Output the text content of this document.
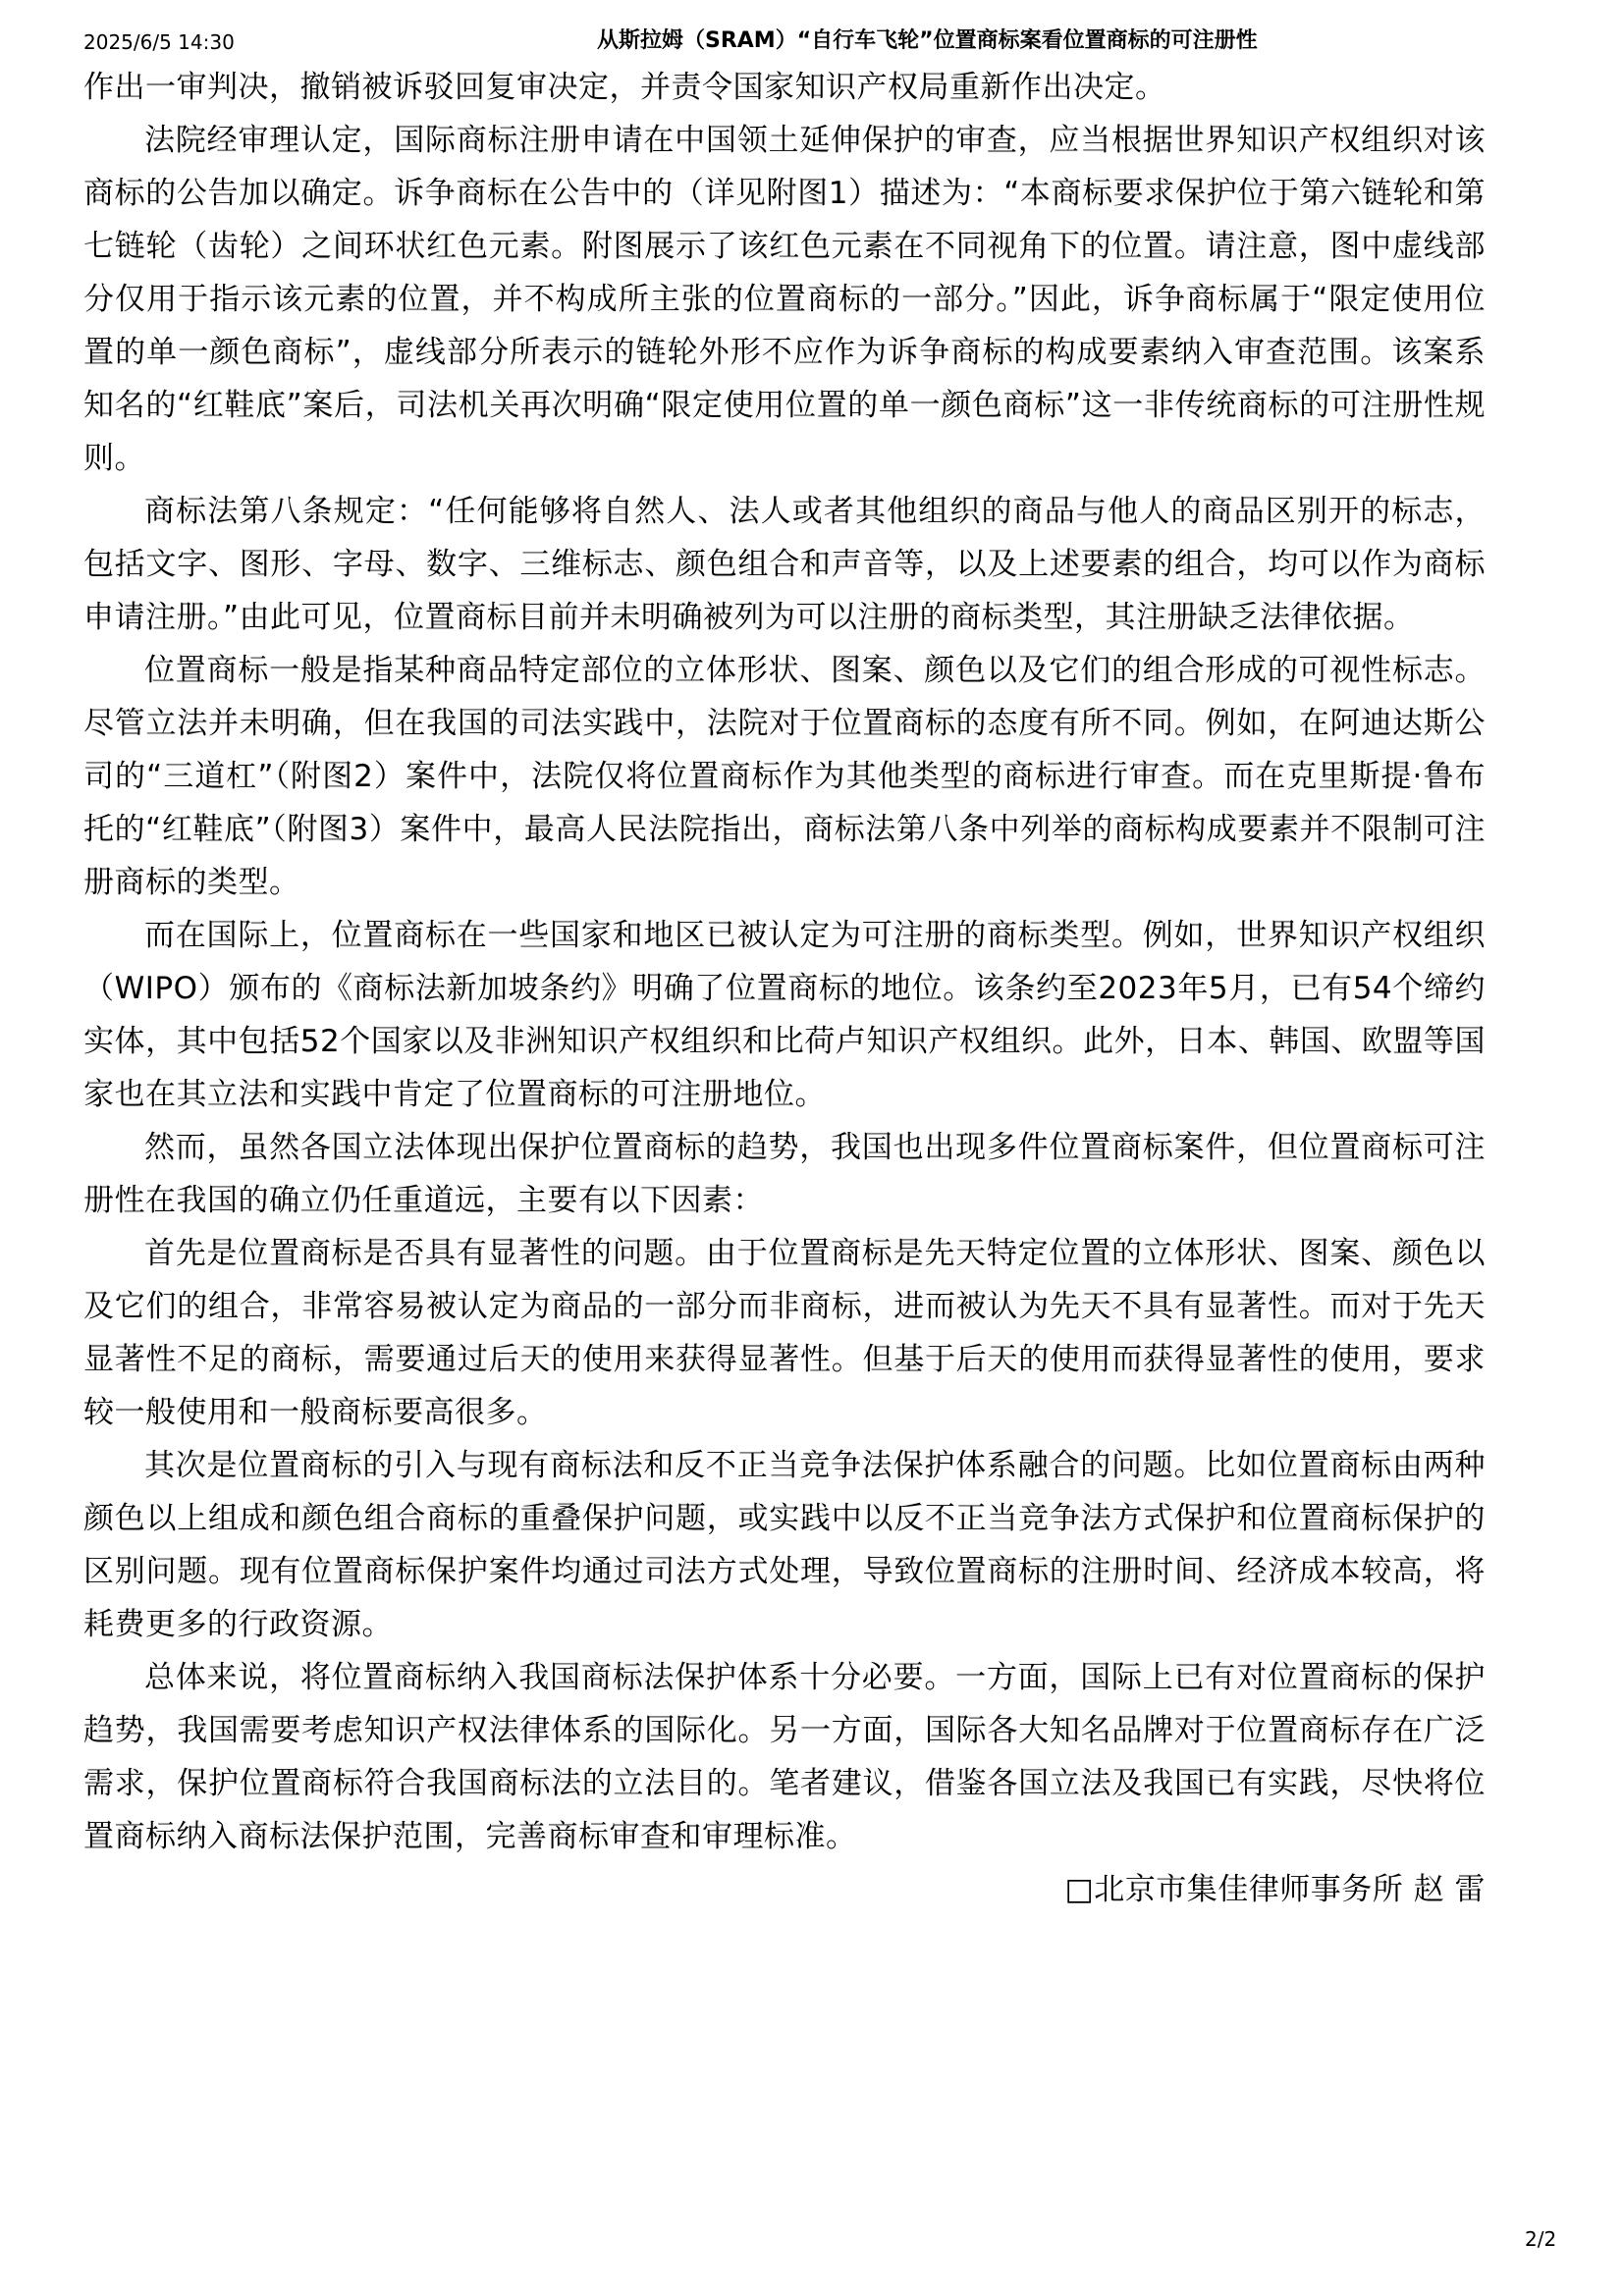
2025/6/5 14:30	从斯拉姆（SRAM）“自行车飞轮”位置商标案看位置商标的可注册性

作出一审判决，撤销被诉驳回复审决定，并责令国家知识产权局重新作出决定。

法院经审理认定，国际商标注册申请在中国领土延伸保护的审查，应当根据世界知识产权组织对该商标的公告加以确定。诉争商标在公告中的（详见附图1）描述为：“本商标要求保护位于第六链轮和第七链轮（齿轮）之间环状红色元素。附图展示了该红色元素在不同视角下的位置。请注意，图中虚线部分仅用于指示该元素的位置，并不构成所主张的位置商标的一部分。”因此，诉争商标属于“限定使用位置的单一颜色商标”，虚线部分所表示的链轮外形不应作为诉争商标的构成要素纳入审查范围。该案系知名的“红鞋底”案后，司法机关再次明确“限定使用位置的单一颜色商标”这一非传统商标的可注册性规则。

商标法第八条规定：“任何能够将自然人、法人或者其他组织的商品与他人的商品区别开的标志，包括文字、图形、字母、数字、三维标志、颜色组合和声音等，以及上述要素的组合，均可以作为商标申请注册。”由此可见，位置商标目前并未明确被列为可以注册的商标类型，其注册缺乏法律依据。

位置商标一般是指某种商品特定部位的立体形状、图案、颜色以及它们的组合形成的可视性标志。尽管立法并未明确，但在我国的司法实践中，法院对于位置商标的态度有所不同。例如，在阿迪达斯公司的“三道杠”（附图2）案件中，法院仅将位置商标作为其他类型的商标进行审查。而在克里斯提·鲁布托的“红鞋底”（附图3）案件中，最高人民法院指出，商标法第八条中列举的商标构成要素并不限制可注册商标的类型。

而在国际上，位置商标在一些国家和地区已被认定为可注册的商标类型。例如，世界知识产权组织（WIPO）颁布的《商标法新加坡条约》明确了位置商标的地位。该条约至2023年5月，已有54个缔约实体，其中包括52个国家以及非洲知识产权组织和比荷卢知识产权组织。此外，日本、韩国、欧盟等国家也在其立法和实践中肯定了位置商标的可注册地位。

然而，虽然各国立法体现出保护位置商标的趋势，我国也出现多件位置商标案件，但位置商标可注册性在我国的确立仍任重道远，主要有以下因素：

首先是位置商标是否具有显著性的问题。由于位置商标是先天特定位置的立体形状、图案、颜色以及它们的组合，非常容易被认定为商品的一部分而非商标，进而被认为先天不具有显著性。而对于先天显著性不足的商标，需要通过后天的使用来获得显著性。但基于后天的使用而获得显著性的使用，要求较一般使用和一般商标要高很多。

其次是位置商标的引入与现有商标法和反不正当竞争法保护体系融合的问题。比如位置商标由两种颜色以上组成和颜色组合商标的重叠保护问题，或实践中以反不正当竞争法方式保护和位置商标保护的区别问题。现有位置商标保护案件均通过司法方式处理，导致位置商标的注册时间、经济成本较高，将耗费更多的行政资源。

总体来说，将位置商标纳入我国商标法保护体系十分必要。一方面，国际上已有对位置商标的保护趋势，我国需要考虑知识产权法律体系的国际化。另一方面，国际各大知名品牌对于位置商标存在广泛需求，保护位置商标符合我国商标法的立法目的。笔者建议，借鉴各国立法及我国已有实践，尽快将位置商标纳入商标法保护范围，完善商标审查和审理标准。

□北京市集佳律师事务所 赵 雷

2/2
